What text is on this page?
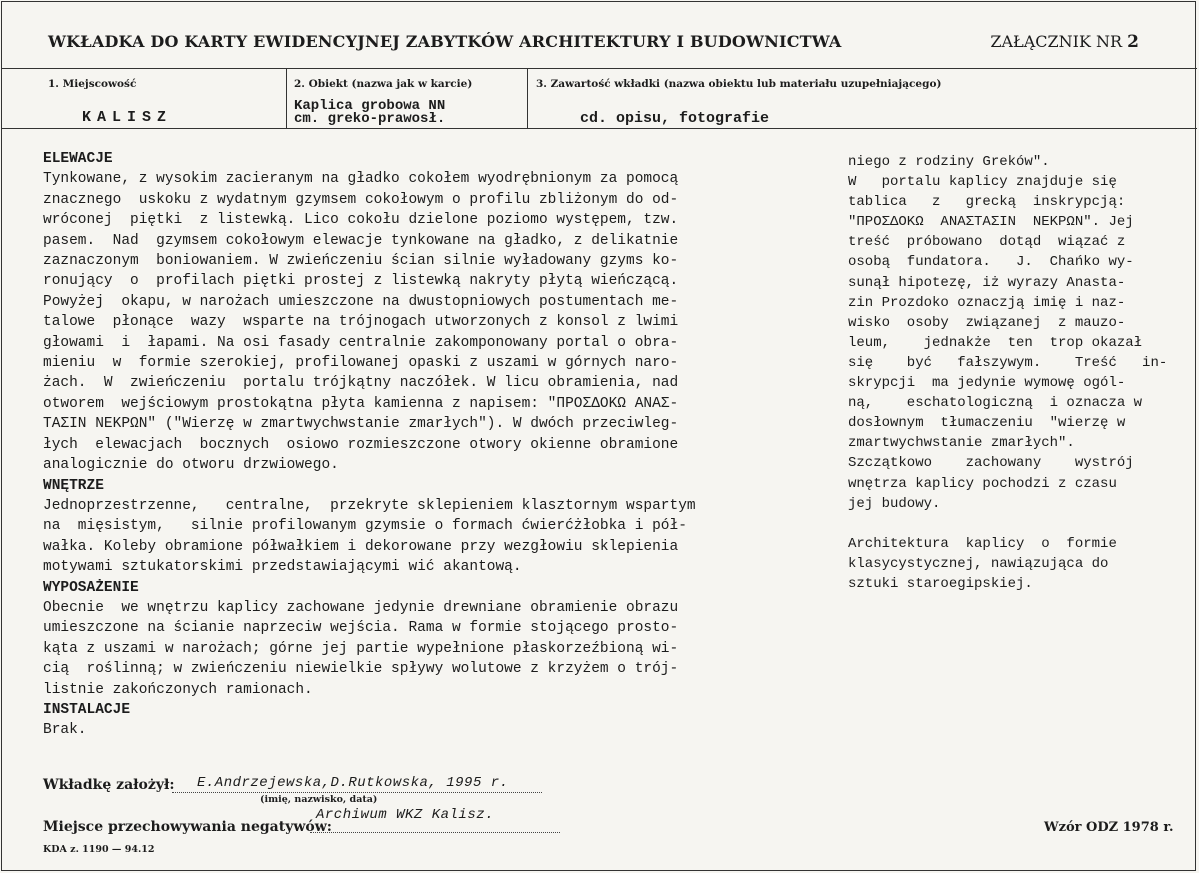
WKŁADKA DO KARTY EWIDENCYJNEJ ZABYTKÓW ARCHITEKTURY I BUDOWNICTWA	ZAŁĄCZNIK NR 2
1. Miejscowość
KALISZ
2. Obiekt (nazwa jak w karcie)
Kaplica grobowa NN
cm. greko-prawosł.
3. Zawartość wkładki (nazwa obiektu lub materiału uzupełniającego)
cd. opisu, fotografie
ELEWACJE
Tynkowane, z wysokim zacieranym na gładko cokołem wyodrębnionym za pomocą
znacznego  uskoku z wydatnym gzymsem cokołowym o profilu zbliżonym do od-
wróconej  piętki  z listewką. Lico cokołu dzielone poziomo występem, tzw.
pasem.  Nad  gzymsem cokołowym elewacje tynkowane na gładko, z delikatnie
zaznaczonym  boniowaniem. W zwieńczeniu ścian silnie wyładowany gzyms ko-
ronujący  o  profilach piętki prostej z listewką nakryty płytą wieńczącą.
Powyżej  okapu, w narożach umieszczone na dwustopniowych postumentach me-
talowe  płonące  wazy  wsparte na trójnogach utworzonych z konsol z lwimi
głowami  i  łapami. Na osi fasady centralnie zakomponowany portal o obra-
mieniu  w  formie szerokiej, profilowanej opaski z uszami w górnych naro-
żach.  W  zwieńczeniu  portalu trójkątny naczółek. W licu obramienia, nad
otworem  wejściowym prostokątna płyta kamienna z napisem: "ΠΡΟΣΔΟΚΩ ΑΝΑΣ-
ΤΑΣΙΝ ΝΕΚΡΩΝ" ("Wierzę w zmartwychwstanie zmarłych"). W dwóch przeciwleg-
łych  elewacjach  bocznych  osiowo rozmieszczone otwory okienne obramione
analogicznie do otworu drzwiowego.
WNĘTRZE
Jednoprzestrzenne,   centralne,  przekryte sklepieniem klasztornym wspartym
na  mięsistym,   silnie profilowanym gzymsie o formach ćwierćżłobka i pół-
wałka. Koleby obramione półwałkiem i dekorowane przy wezgłowiu sklepienia
motywami sztukatorskimi przedstawiającymi wić akantową.
WYPOSAŻENIE
Obecnie  we wnętrzu kaplicy zachowane jedynie drewniane obramienie obrazu
umieszczone na ścianie naprzeciw wejścia. Rama w formie stojącego prosto-
kąta z uszami w narożach; górne jej partie wypełnione płaskorzeźbioną wi-
cią  roślinną; w zwieńczeniu niewielkie spływy wolutowe z krzyżem o trój-
listnie zakończonych ramionach.
INSTALACJE
Brak.
niego z rodziny Greków".
W   portalu kaplicy znajduje się
tablica   z   grecką  inskrypcją:
"ΠΡΟΣΔΟΚΩ  ΑΝΑΣΤΑΣΙΝ  ΝΕΚΡΩΝ". Jej
treść  próbowano  dotąd  wiązać z
osobą  fundatora.   J.  Chańko wy-
sunął hipotezę, iż wyrazy Anasta-
zin Prozdoko oznaczją imię i naz-
wisko  osoby  związanej  z mauzo-
leum,    jednakże  ten  trop okazał
się    być   fałszywym.    Treść   in-
skrypcji  ma jedynie wymowę ogól-
ną,    eschatologiczną  i oznacza w
dosłownym  tłumaczeniu  "wierzę w
zmartwychwstanie zmarłych".
Szczątkowo    zachowany    wystrój
wnętrza kaplicy pochodzi z czasu
jej budowy.

Architektura  kaplicy  o  formie
klasycystycznej, nawiązująca do
sztuki staroegipskiej.
Wkładkę założył: E.Andrzejewska,D.Rutkowska, 1995 r.
(imię, nazwisko, data)
Miejsce przechowywania negatywów:
Archiwum WKZ Kalisz.
KDA z. 1190 — 94.12
Wzór ODZ 1978 r.
